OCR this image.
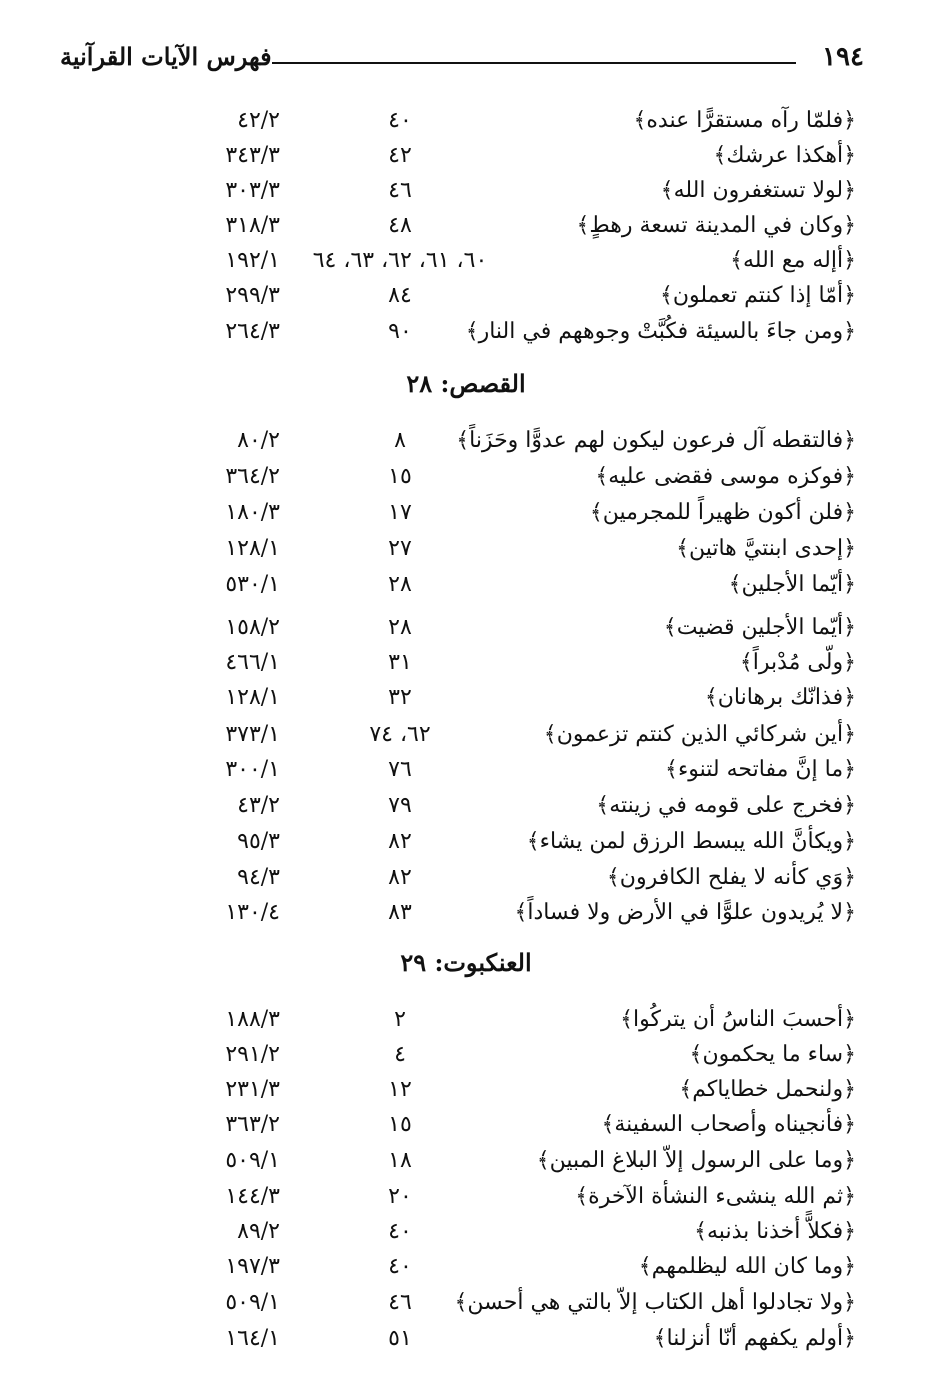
١٩٤
فهرس الآيات القرآنية
﴿فلمّا رآه مستقرًّا عنده﴾
٤٠
٤٢/٢
﴿أهكذا عرشك﴾
٤٢
٣٤٣/٣
﴿لولا تستغفرون الله﴾
٤٦
٣٠٣/٣
﴿وكان في المدينة تسعة رهطٍ﴾
٤٨
٣١٨/٣
﴿أإله مع الله﴾
٦٠، ٦١، ٦٢، ٦٣، ٦٤
١٩٢/١
﴿أمّا إذا كنتم تعملون﴾
٨٤
٢٩٩/٣
﴿ومن جاءَ بالسيئة فكُبَّتْ وجوههم في النار﴾
٩٠
٢٦٤/٣
القصص: ٢٨
﴿فالتقطه آل فرعون ليكون لهم عدوًّا وحَزَناً﴾
٨
٨٠/٢
﴿فوكزه موسى فقضى عليه﴾
١٥
٣٦٤/٢
﴿فلن أكون ظهيراً للمجرمين﴾
١٧
١٨٠/٣
﴿إحدى ابنتيَّ هاتين﴾
٢٧
١٢٨/١
﴿أيّما الأجلين﴾
٢٨
٥٣٠/١
﴿أيّما الأجلين قضيت﴾
٢٨
١٥٨/٢
﴿ولّى مُدْبراً﴾
٣١
٤٦٦/١
﴿فذانّك برهانان﴾
٣٢
١٢٨/١
﴿أين شركائي الذين كنتم تزعمون﴾
٦٢، ٧٤
٣٧٣/١
﴿ما إنَّ مفاتحه لتنوء﴾
٧٦
٣٠٠/١
﴿فخرج على قومه في زينته﴾
٧٩
٤٣/٢
﴿ويكأنَّ الله يبسط الرزق لمن يشاء﴾
٨٢
٩٥/٣
﴿وَي كأنه لا يفلح الكافرون﴾
٨٢
٩٤/٣
﴿لا يُريدون علوًّا في الأرض ولا فساداً﴾
٨٣
١٣٠/٤
العنكبوت: ٢٩
﴿أحسبَ الناسُ أن يتركُوا﴾
٢
١٨٨/٣
﴿ساء ما يحكمون﴾
٤
٢٩١/٢
﴿ولنحمل خطاياكم﴾
١٢
٢٣١/٣
﴿فأنجيناه وأصحاب السفينة﴾
١٥
٣٦٣/٢
﴿وما على الرسول إلاّ البلاغ المبين﴾
١٨
٥٠٩/١
﴿ثم الله ينشىء النشأة الآخرة﴾
٢٠
١٤٤/٣
﴿فكلاًّ أخذنا بذنبه﴾
٤٠
٨٩/٢
﴿وما كان الله ليظلمهم﴾
٤٠
١٩٧/٣
﴿ولا تجادلوا أهل الكتاب إلاّ بالتي هي أحسن﴾
٤٦
٥٠٩/١
﴿أولم يكفهم أنّا أنزلنا﴾
٥١
١٦٤/١
